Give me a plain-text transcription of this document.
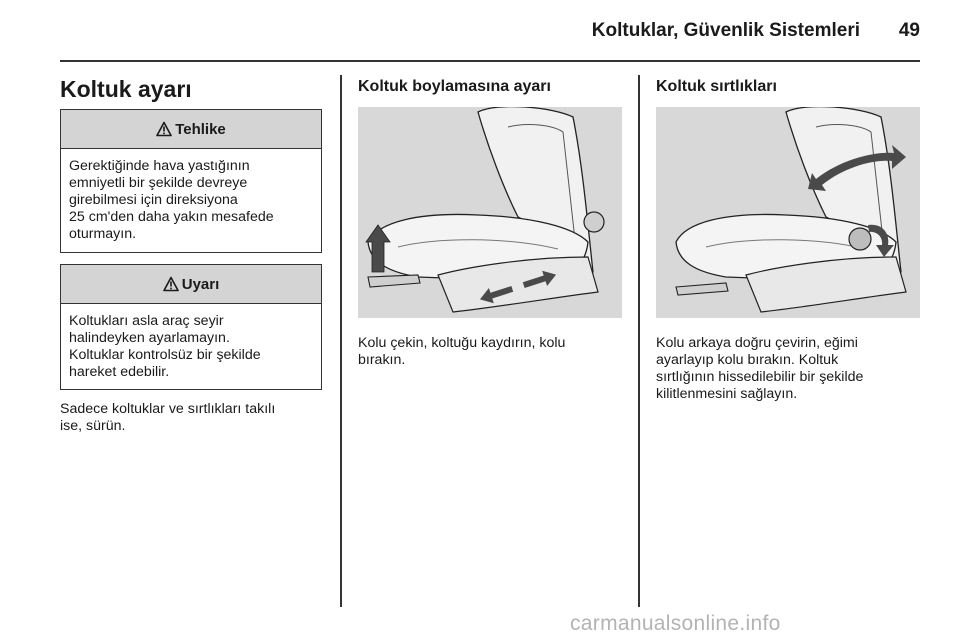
Koltuklar, Güvenlik Sistemleri	49
Koltuk ayarı
Tehlike
Gerektiğinde hava yastığının
emniyetli bir şekilde devreye
girebilmesi için direksiyona
25 cm'den daha yakın mesafede
oturmayın.
Uyarı
Koltukları asla araç seyir
halindeyken ayarlamayın.
Koltuklar kontrolsüz bir şekilde
hareket edebilir.
Sadece koltuklar ve sırtlıkları takılı
ise, sürün.
Koltuk boylamasına ayarı
Kolu çekin, koltuğu kaydırın, kolu
bırakın.
Koltuk sırtlıkları
Kolu arkaya doğru çevirin, eğimi
ayarlayıp kolu bırakın. Koltuk
sırtlığının hissedilebilir bir şekilde
kilitlenmesini sağlayın.
carmanualsonline.info
